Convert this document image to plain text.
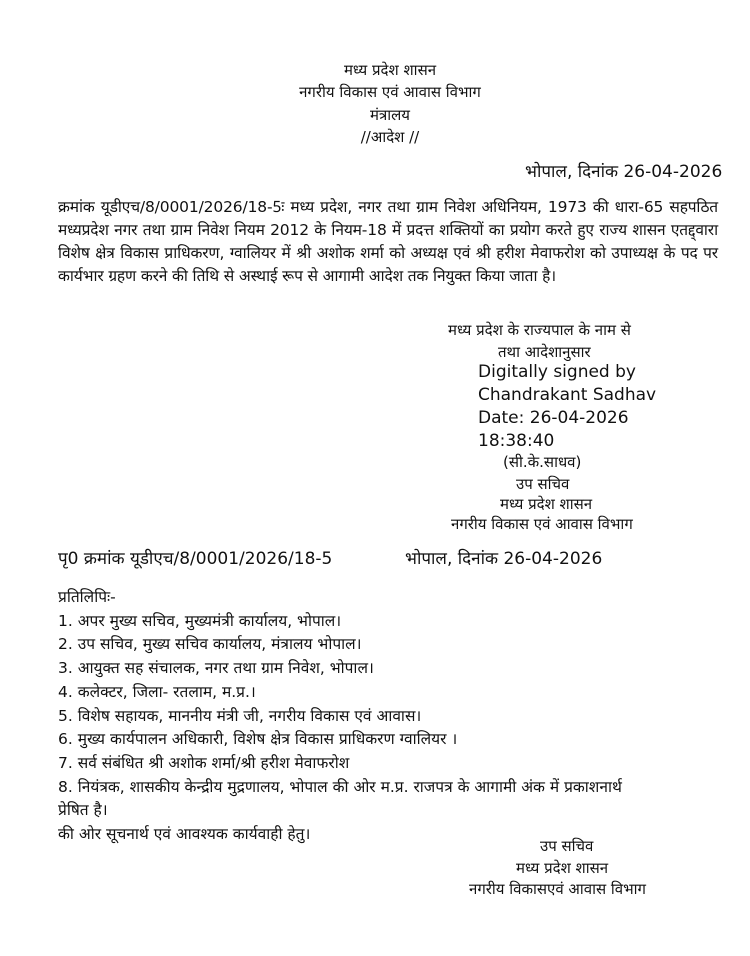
मध्य प्रदेश शासन
नगरीय विकास एवं आवास विभाग
मंत्रालय
//आदेश //
भोपाल, दिनांक 26-04-2026
क्रमांक यूडीएच/8/0001/2026/18-5ः मध्य प्रदेश, नगर तथा ग्राम निवेश अधिनियम, 1973 की धारा-65 सहपठित मध्यप्रदेश नगर तथा ग्राम निवेश नियम 2012 के नियम-18 में प्रदत्त शक्तियों का प्रयोग करते हुए राज्य शासन एतद्द्वारा विशेष क्षेत्र विकास प्राधिकरण, ग्वालियर में श्री अशोक शर्मा को अध्यक्ष एवं श्री हरीश मेवाफरोश को उपाध्यक्ष के पद पर कार्यभार ग्रहण करने की तिथि से अस्थाई रूप से आगामी आदेश तक नियुक्त किया जाता है।
मध्य प्रदेश के राज्यपाल के नाम से
तथा आदेशानुसार
Digitally signed by
Chandrakant Sadhav
Date: 26-04-2026
18:38:40
(सी.के.साधव)
उप सचिव
मध्य प्रदेश शासन
नगरीय विकास एवं आवास विभाग
पृ0 क्रमांक यूडीएच/8/0001/2026/18-5	भोपाल, दिनांक 26-04-2026
प्रतिलिपिः-
1. अपर मुख्य सचिव, मुख्यमंत्री कार्यालय, भोपाल।
2. उप सचिव, मुख्य सचिव कार्यालय, मंत्रालय भोपाल।
3. आयुक्त सह संचालक, नगर तथा ग्राम निवेश, भोपाल।
4. कलेक्टर, जिला- रतलाम, म.प्र.।
5. विशेष सहायक, माननीय मंत्री जी, नगरीय विकास एवं आवास।
6. मुख्य कार्यपालन अधिकारी, विशेष क्षेत्र विकास प्राधिकरण ग्वालियर ।
7. सर्व संबंधित श्री अशोक शर्मा/श्री हरीश मेवाफरोश
8. नियंत्रक, शासकीय केन्द्रीय मुद्रणालय, भोपाल की ओर म.प्र. राजपत्र के आगामी अंक में प्रकाशनार्थ
प्रेषित है।
की ओर सूचनार्थ एवं आवश्यक कार्यवाही हेतु।
उप सचिव
मध्य प्रदेश शासन
नगरीय विकासएवं आवास विभाग
